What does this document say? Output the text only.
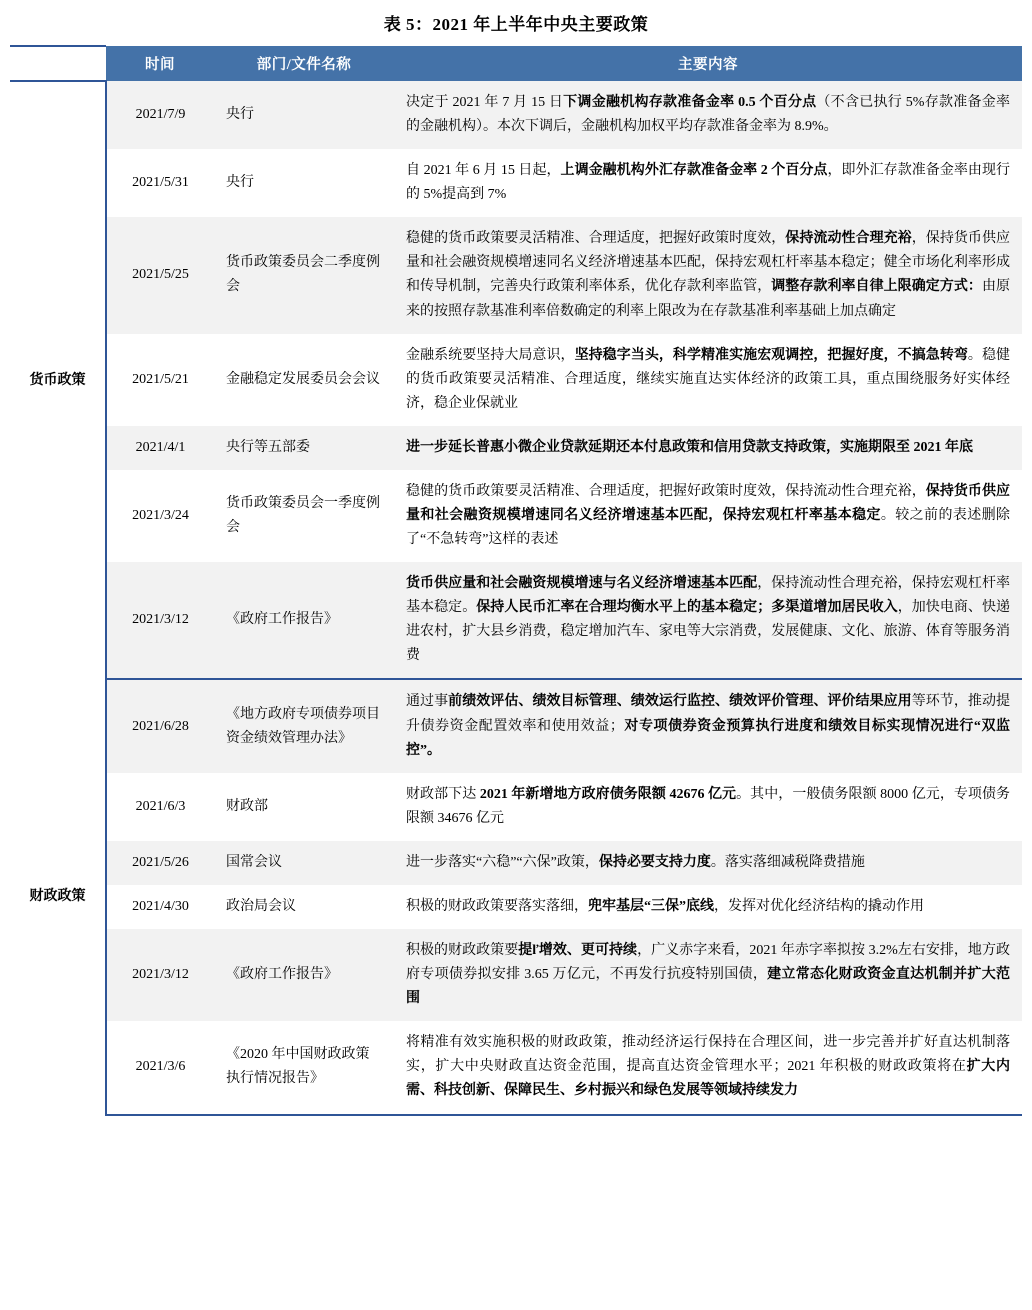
表 5：2021 年上半年中央主要政策
	时间	部门/文件名称	主要内容
货币政策	2021/7/9	央行	决定于 2021 年 7 月 15 日下调金融机构存款准备金率 0.5 个百分点（不含已执行 5%存款准备金率的金融机构）。本次下调后，金融机构加权平均存款准备金率为 8.9%。
	2021/5/31	央行	自 2021 年 6 月 15 日起，上调金融机构外汇存款准备金率 2 个百分点，即外汇存款准备金率由现行的 5%提高到 7%
	2021/5/25	货币政策委员会二季度例会	稳健的货币政策要灵活精准、合理适度，把握好政策时度效，保持流动性合理充裕，保持货币供应量和社会融资规模增速同名义经济增速基本匹配，保持宏观杠杆率基本稳定；健全市场化利率形成和传导机制，完善央行政策利率体系，优化存款利率监管，调整存款利率自律上限确定方式：由原来的按照存款基准利率倍数确定的利率上限改为在存款基准利率基础上加点确定
	2021/5/21	金融稳定发展委员会会议	金融系统要坚持大局意识，坚持稳字当头，科学精准实施宏观调控，把握好度，不搞急转弯。稳健的货币政策要灵活精准、合理适度，继续实施直达实体经济的政策工具，重点围绕服务好实体经济，稳企业保就业
	2021/4/1	央行等五部委	进一步延长普惠小微企业贷款延期还本付息政策和信用贷款支持政策，实施期限至 2021 年底
	2021/3/24	货币政策委员会一季度例会	稳健的货币政策要灵活精准、合理适度，把握好政策时度效，保持流动性合理充裕，保持货币供应量和社会融资规模增速同名义经济增速基本匹配，保持宏观杠杆率基本稳定。较之前的表述删除了“不急转弯”这样的表述
	2021/3/12	《政府工作报告》	货币供应量和社会融资规模增速与名义经济增速基本匹配，保持流动性合理充裕，保持宏观杠杆率基本稳定。保持人民币汇率在合理均衡水平上的基本稳定；多渠道增加居民收入，加快电商、快递进农村，扩大县乡消费，稳定增加汽车、家电等大宗消费，发展健康、文化、旅游、体育等服务消费
财政政策	2021/6/28	《地方政府专项债券项目资金绩效管理办法》	通过事前绩效评估、绩效目标管理、绩效运行监控、绩效评价管理、评价结果应用等环节，推动提升债券资金配置效率和使用效益；对专项债券资金预算执行进度和绩效目标实现情况进行“双监控”。
	2021/6/3	财政部	财政部下达 2021 年新增地方政府债务限额 42676 亿元。其中，一般债务限额 8000 亿元，专项债务限额 34676 亿元
	2021/5/26	国常会议	进一步落实“六稳”“六保”政策，保持必要支持力度。落实落细减税降费措施
	2021/4/30	政治局会议	积极的财政政策要落实落细，兜牢基层“三保”底线，发挥对优化经济结构的撬动作用
	2021/3/12	《政府工作报告》	积极的财政政策要提ľ增效、更可持续，广义赤字来看，2021 年赤字率拟按 3.2%左右安排，地方政府专项债券拟安排 3.65 万亿元，不再发行抗疫特别国债，建立常态化财政资金直达机制并扩大范围
	2021/3/6	《2020 年中国财政政策执行情况报告》	将精准有效实施积极的财政政策，推动经济运行保持在合理区间，进一步完善并扩好直达机制落实，扩大中央财政直达资金范围，提高直达资金管理水平；2021 年积极的财政政策将在扩大内需、科技创新、保障民生、乡村振兴和绿色发展等领域持续发力
